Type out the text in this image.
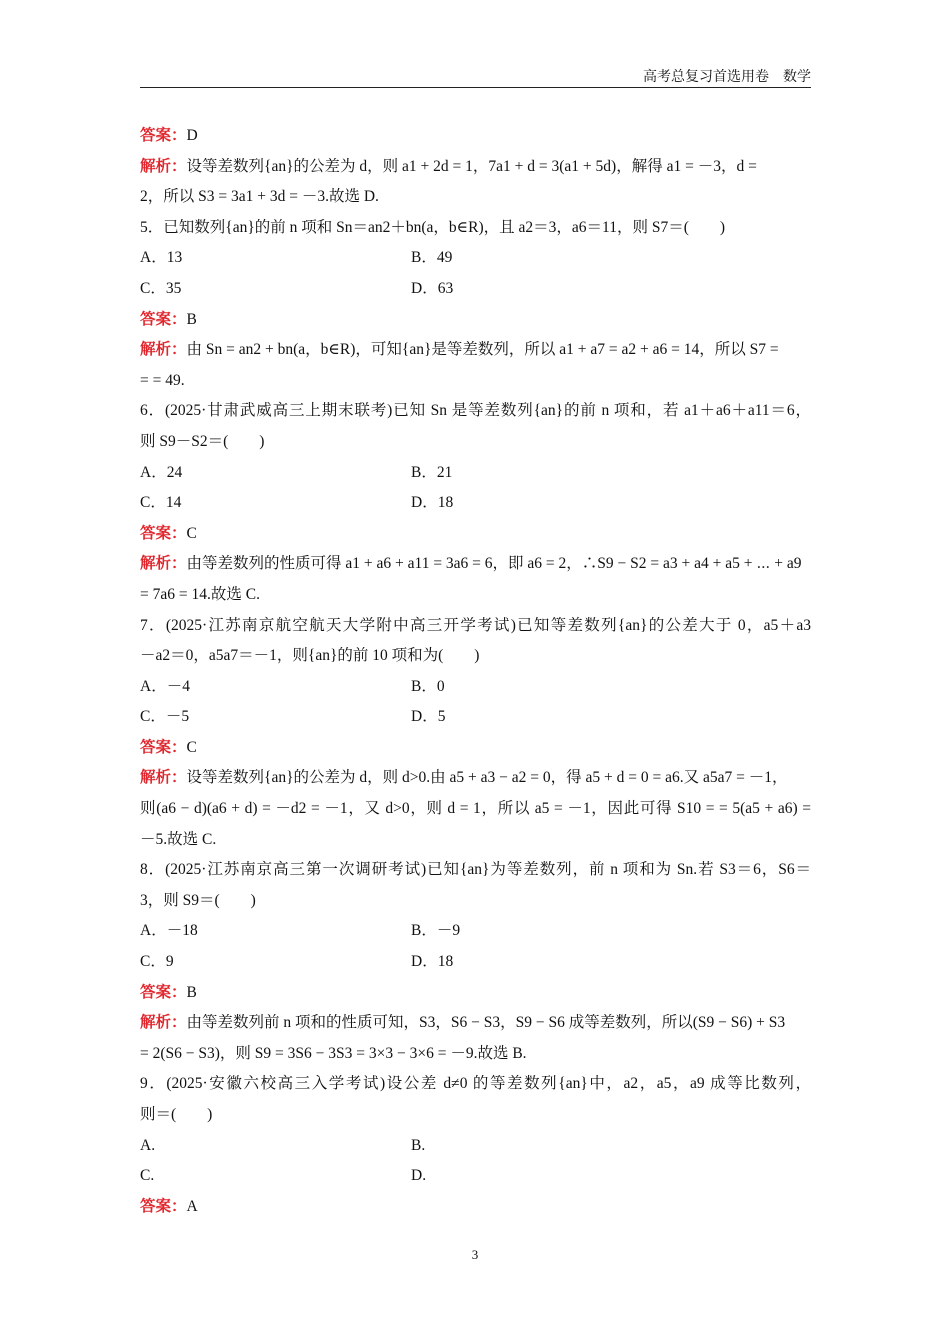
高考总复习首选用卷　数学
答案：D
解析：设等差数列{an}的公差为 d，则 a1 + 2d = 1，7a1 + d = 3(a1 + 5d)，解得 a1 = －3，d =
2，所以 S3 = 3a1 + 3d = －3.故选 D.
5．已知数列{an}的前 n 项和 Sn＝an2＋bn(a，b∈R)，且 a2＝3，a6＝11，则 S7＝(　　)
A．13	B．49
C．35	D．63
答案：B
解析：由 Sn = an2 + bn(a，b∈R)，可知{an}是等差数列，所以 a1 + a7 = a2 + a6 = 14，所以 S7 =
= = 49.
6．(2025·甘肃武威高三上期末联考)已知 Sn 是等差数列{an}的前 n 项和，若 a1＋a6＋a11＝6，
则 S9－S2＝(　　)
A．24	B．21
C．14	D．18
答案：C
解析：由等差数列的性质可得 a1 + a6 + a11 = 3a6 = 6，即 a6 = 2，∴S9 − S2 = a3 + a4 + a5 + ⋯ + a9
= 7a6 = 14.故选 C.
7．(2025·江苏南京航空航天大学附中高三开学考试)已知等差数列{an}的公差大于 0，a5＋a3
－a2＝0，a5a7＝－1，则{an}的前 10 项和为(　　)
A．－4	B．0
C．－5	D．5
答案：C
解析：设等差数列{an}的公差为 d，则 d>0.由 a5 + a3 − a2 = 0，得 a5 + d = 0 = a6.又 a5a7 = －1，
则(a6 − d)(a6 + d) = －d2 = －1，又 d>0，则 d = 1，所以 a5 = －1，因此可得 S10 = = 5(a5 + a6) =
－5.故选 C.
8．(2025·江苏南京高三第一次调研考试)已知{an}为等差数列，前 n 项和为 Sn.若 S3＝6，S6＝
3，则 S9＝(　　)
A．－18	B．－9
C．9	D．18
答案：B
解析：由等差数列前 n 项和的性质可知，S3，S6 − S3，S9 − S6 成等差数列，所以(S9 − S6) + S3
= 2(S6 − S3)，则 S9 = 3S6 − 3S3 = 3×3 − 3×6 = －9.故选 B.
9．(2025·安徽六校高三入学考试)设公差 d≠0 的等差数列{an}中，a2，a5，a9 成等比数列，
则＝(　　)
A.	B.
C.	D.
答案：A
3
